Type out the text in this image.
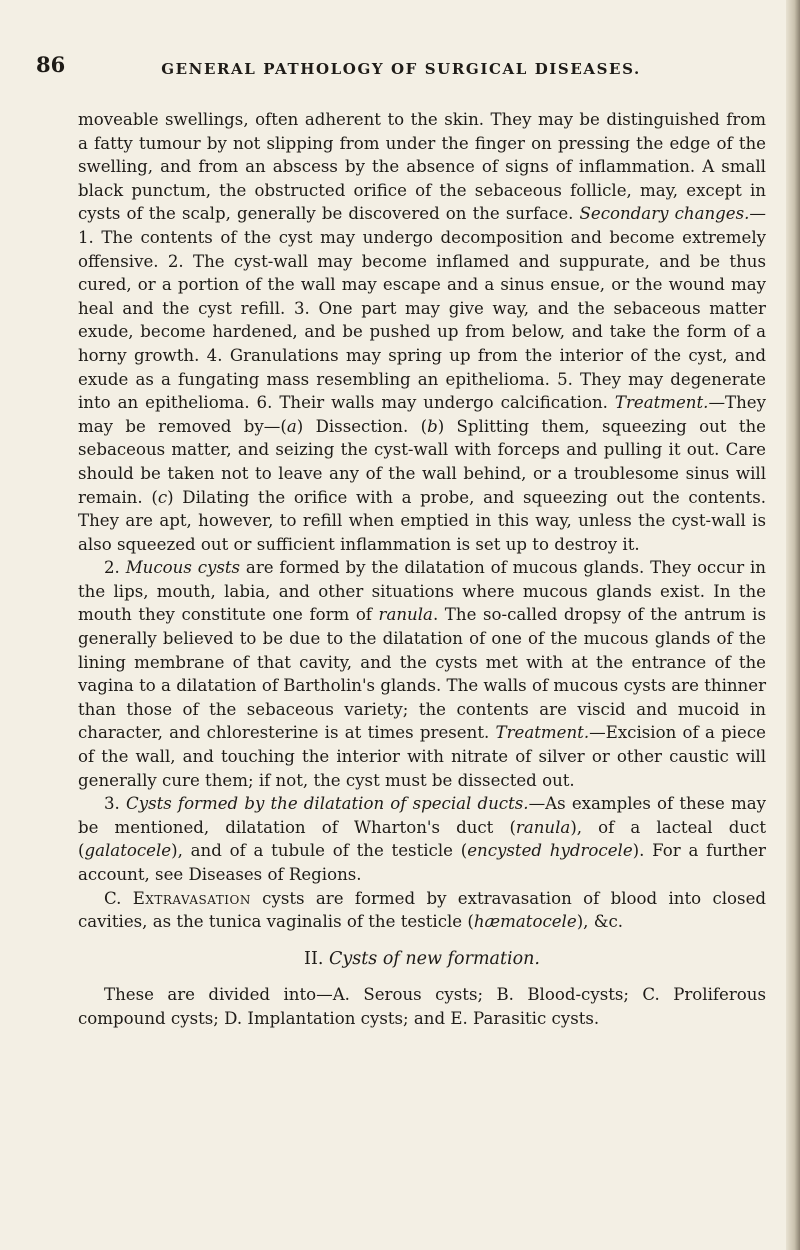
86	GENERAL PATHOLOGY OF SURGICAL DISEASES.

moveable swellings, often adherent to the skin. They may be distinguished from a fatty tumour by not slipping from under the finger on pressing the edge of the swelling, and from an abscess by the absence of signs of inflammation. A small black punctum, the obstructed orifice of the sebaceous follicle, may, except in cysts of the scalp, generally be discovered on the surface. Secondary changes.—1. The contents of the cyst may undergo decomposition and become extremely offensive. 2. The cyst-wall may become inflamed and suppurate, and be thus cured, or a portion of the wall may escape and a sinus ensue, or the wound may heal and the cyst refill. 3. One part may give way, and the sebaceous matter exude, become hardened, and be pushed up from below, and take the form of a horny growth. 4. Granulations may spring up from the interior of the cyst, and exude as a fungating mass resembling an epithelioma. 5. They may degenerate into an epithelioma. 6. Their walls may undergo calcification. Treatment.—They may be removed by—(a) Dissection. (b) Splitting them, squeezing out the sebaceous matter, and seizing the cyst-wall with forceps and pulling it out. Care should be taken not to leave any of the wall behind, or a troublesome sinus will remain. (c) Dilating the orifice with a probe, and squeezing out the contents. They are apt, however, to refill when emptied in this way, unless the cyst-wall is also squeezed out or sufficient inflammation is set up to destroy it.

2. Mucous cysts are formed by the dilatation of mucous glands. They occur in the lips, mouth, labia, and other situations where mucous glands exist. In the mouth they constitute one form of ranula. The so-called dropsy of the antrum is generally believed to be due to the dilatation of one of the mucous glands of the lining membrane of that cavity, and the cysts met with at the entrance of the vagina to a dilatation of Bartholin's glands. The walls of mucous cysts are thinner than those of the sebaceous variety; the contents are viscid and mucoid in character, and chloresterine is at times present. Treatment.—Excision of a piece of the wall, and touching the interior with nitrate of silver or other caustic will generally cure them; if not, the cyst must be dissected out.

3. Cysts formed by the dilatation of special ducts.—As examples of these may be mentioned, dilatation of Wharton's duct (ranula), of a lacteal duct (galatocele), and of a tubule of the testicle (encysted hydrocele). For a further account, see Diseases of Regions.

C. Extravasation cysts are formed by extravasation of blood into closed cavities, as the tunica vaginalis of the testicle (hæmatocele), &c.

II. Cysts of new formation.

These are divided into—A. Serous cysts; B. Blood-cysts; C. Proliferous compound cysts; D. Implantation cysts; and E. Parasitic cysts.
